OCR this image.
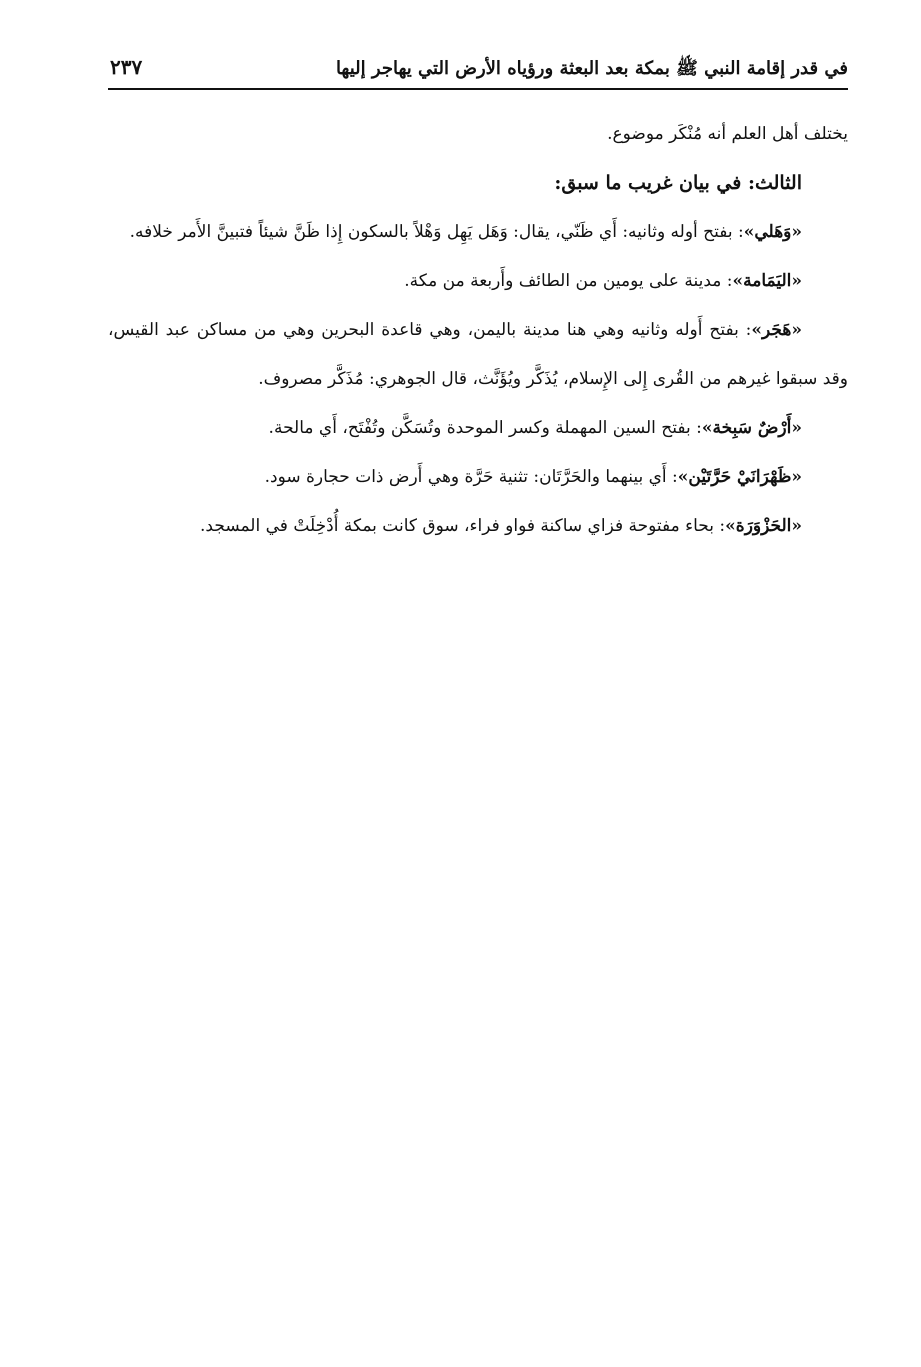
في قدر إقامة النبي ﷺ بمكة بعد البعثة ورؤياه الأرض التي يهاجر إليها
٢٣٧

يختلف أهل العلم أنه مُنْكَر موضوع.

الثالث: في بيان غريب ما سبق:

«وَهَلي»: بفتح أوله وثانيه: أَي ظَنّي، يقال: وَهَل يَهِل وَهْلاً بالسكون إِذا ظَنَّ شيئاً فتبينَّ الأَمر خلافه.

«اليَمَامة»: مدينة على يومين من الطائف وأَربعة من مكة.

«هَجَر»: بفتح أَوله وثانيه وهي هنا مدينة باليمن، وهي قاعدة البحرين وهي من مساكن عبد القيس، وقد سبقوا غيرهم من القُرى إِلى الإِسلام، يُذَكَّر ويُؤَنَّث، قال الجوهري: مُذَكَّر مصروف.

«أَرْضٌ سَبِخة»: بفتح السين المهملة وكسر الموحدة وتُسَكَّن وتُفْتَح، أَي مالحة.

«ظَهْرَانَيْ حَرَّتَيْن»: أَي بينهما والحَرَّتَان: تثنية حَرَّة وهي أَرض ذات حجارة سود.

«الحَزْوَرَة»: بحاء مفتوحة فزاي ساكنة فواو فراء، سوق كانت بمكة أُدْخِلَتْ في المسجد.
